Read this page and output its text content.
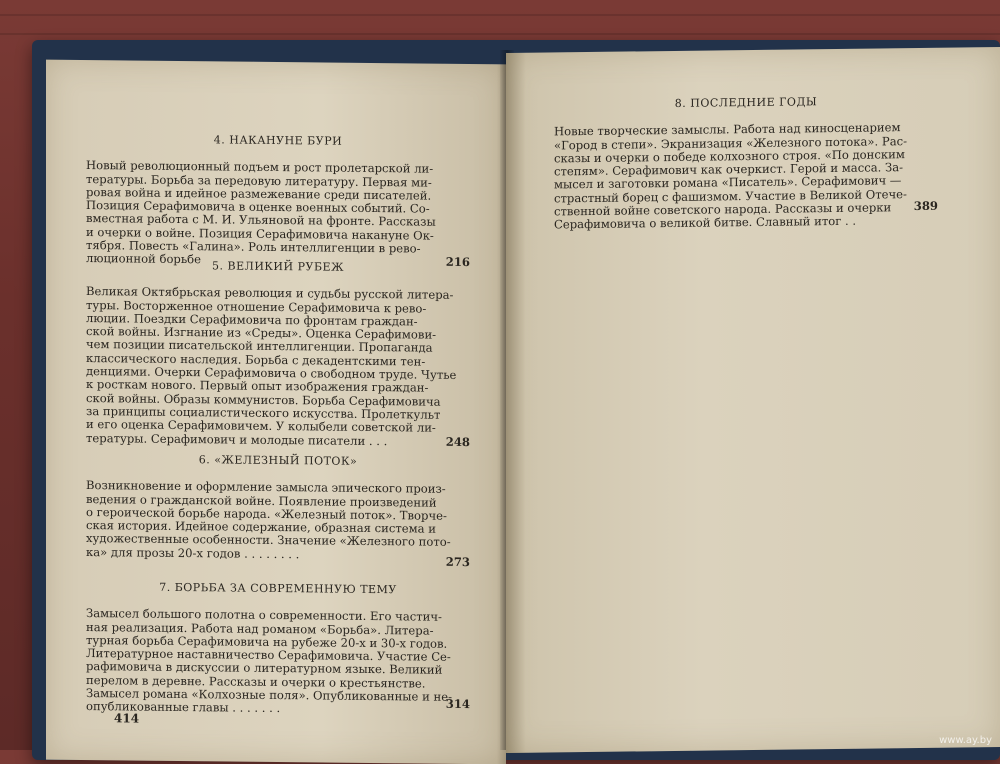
4. НАКАНУНЕ БУРИ
Новый революционный подъем и рост пролетарской ли-
тературы. Борьба за передовую литературу. Первая ми-
ровая война и идейное размежевание среди писателей.
Позиция Серафимовича в оценке военных событий. Со-
вместная работа с М. И. Ульяновой на фронте. Рассказы
и очерки о войне. Позиция Серафимовича накануне Ок-
тября. Повесть «Галина». Роль интеллигенции в рево-
люционной борьбе	216
5. ВЕЛИКИЙ РУБЕЖ
Великая Октябрьская революция и судьбы русской литера-
туры. Восторженное отношение Серафимовича к рево-
люции. Поездки Серафимовича по фронтам граждан-
ской войны. Изгнание из «Среды». Оценка Серафимови-
чем позиции писательской интеллигенции. Пропаганда
классического наследия. Борьба с декадентскими тен-
денциями. Очерки Серафимовича о свободном труде. Чутье
к росткам нового. Первый опыт изображения граждан-
ской войны. Образы коммунистов. Борьба Серафимовича
за принципы социалистического искусства. Пролеткульт
и его оценка Серафимовичем. У колыбели советской ли-
тературы. Серафимович и молодые писатели . . .	248
6. «ЖЕЛЕЗНЫЙ ПОТОК»
Возникновение и оформление замысла эпического произ-
ведения о гражданской войне. Появление произведений
о героической борьбе народа. «Железный поток». Творче-
ская история. Идейное содержание, образная система и
художественные особенности. Значение «Железного пото-
ка» для прозы 20-х годов . . . . . . . .
273
7. БОРЬБА ЗА СОВРЕМЕННУЮ ТЕМУ
Замысел большого полотна о современности. Его частич-
ная реализация. Работа над романом «Борьба». Литера-
турная борьба Серафимовича на рубеже 20-х и 30-х годов.
Литературное наставничество Серафимовича. Участие Се-
рафимовича в дискуссии о литературном языке. Великий
перелом в деревне. Рассказы и очерки о крестьянстве.
Замысел романа «Колхозные поля». Опубликованные и не-
опубликованные главы . . . . . . .	314
414
8. ПОСЛЕДНИЕ ГОДЫ
Новые творческие замыслы. Работа над киносценарием
«Город в степи». Экранизация «Железного потока». Рас-
сказы и очерки о победе колхозного строя. «По донским
степям». Серафимович как очеркист. Герой и масса. За-
мысел и заготовки романа «Писатель». Серафимович —
страстный борец с фашизмом. Участие в Великой Отече-
ственной войне советского народа. Рассказы и очерки
Серафимовича о великой битве. Славный итог . .
389
www.ay.by
